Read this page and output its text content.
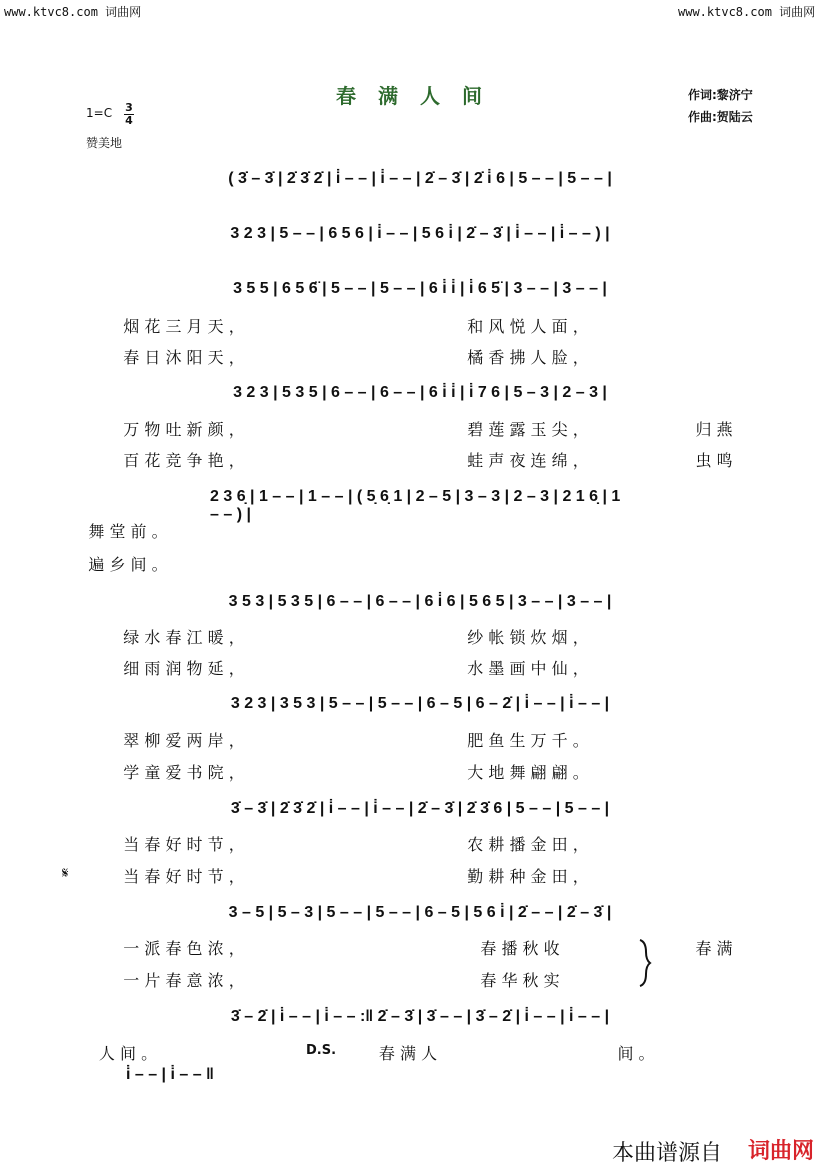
www.ktvc8.com 词曲网	www.ktvc8.com 词曲网
春满人间	作词:黎济宁
作曲:贺陆云
1=C 3
4
赞美地
( 3̇ – 3̇ | 2̇ 3̇ 2̇ | i̇ – – | i̇ – – | 2̇ – 3̇ | 2̇ i̇ 6 | 5 – – | 5 – – |
3 2 3 | 5 – – | 6 5 6 | i̇ – – | 5 6 i̇ | 2̇ – 3̇ | i̇ – – | i̇ – – ) |
3 5 5 | 6 5 6̈ | 5 – – | 5 – – | 6 i̇ i̇ | i̇ 6 5̈ | 3 – – | 3 – – |
3 2 3 | 5 3 5 | 6 – – | 6 – – | 6 i̇ i̇ | i̇ 7 6 | 5 – 3 | 2 – 3 |
2 3 6̣ | 1 – – | 1 – – | ( 5̣ 6̣ 1 | 2 – 5 | 3 – 3 | 2 – 3 | 2 1 6̣ | 1 – – ) |
3 5 3 | 5 3 5 | 6 – – | 6 – – | 6 i̇ 6 | 5 6 5 | 3 – – | 3 – – |
3 2 3 | 3 5 3 | 5 – – | 5 – – | 6 – 5 | 6 – 2̇ | i̇ – – | i̇ – – |
3̇ – 3̇ | 2̇ 3̇ 2̇ | i̇ – – | i̇ – – | 2̇ – 3̇ | 2̇ 3̇ 6 | 5 – – | 5 – – |
3 – 5 | 5 – 3 | 5 – – | 5 – – | 6 – 5 | 5 6 i̇ | 2̇ – – | 2̇ – 3̇ |
3̇ – 2̇ | i̇ – – | i̇ – – :‖ 2̇ – 3̇ | 3̇ – – | 3̇ – 2̇ | i̇ – – | i̇ – – |
i̇ – – | i̇ – – ‖
烟 花 三 月 天 ，	和 风 悦 人 面 ，
春 日 沐 阳 天 ，	橘 香 拂 人 脸 ，
万 物 吐 新 颜 ，	碧 莲 露 玉 尖 ，	归 燕
百 花 竞 争 艳 ，	蛙 声 夜 连 绵 ，	虫 鸣
舞 堂 前 。
遍 乡 间 。
绿 水 春 江 暖 ，	纱 帐 锁 炊 烟 ，
细 雨 润 物 延 ，	水 墨 画 中 仙 ，
翠 柳 爱 两 岸 ，	肥 鱼 生 万 千 。
学 童 爱 书 院 ，	大 地 舞 翩 翩 。
当 春 好 时 节 ，	农 耕 播 金 田 ，
𝄋	当 春 好 时 节 ，	勤 耕 种 金 田 ，
一 派 春 色 浓 ，	春 播 秋 收	春 满
一 片 春 意 浓 ，	春 华 秋 实
人 间 。	D.S.	春 满 人	间 。
本曲谱源自 词曲网
